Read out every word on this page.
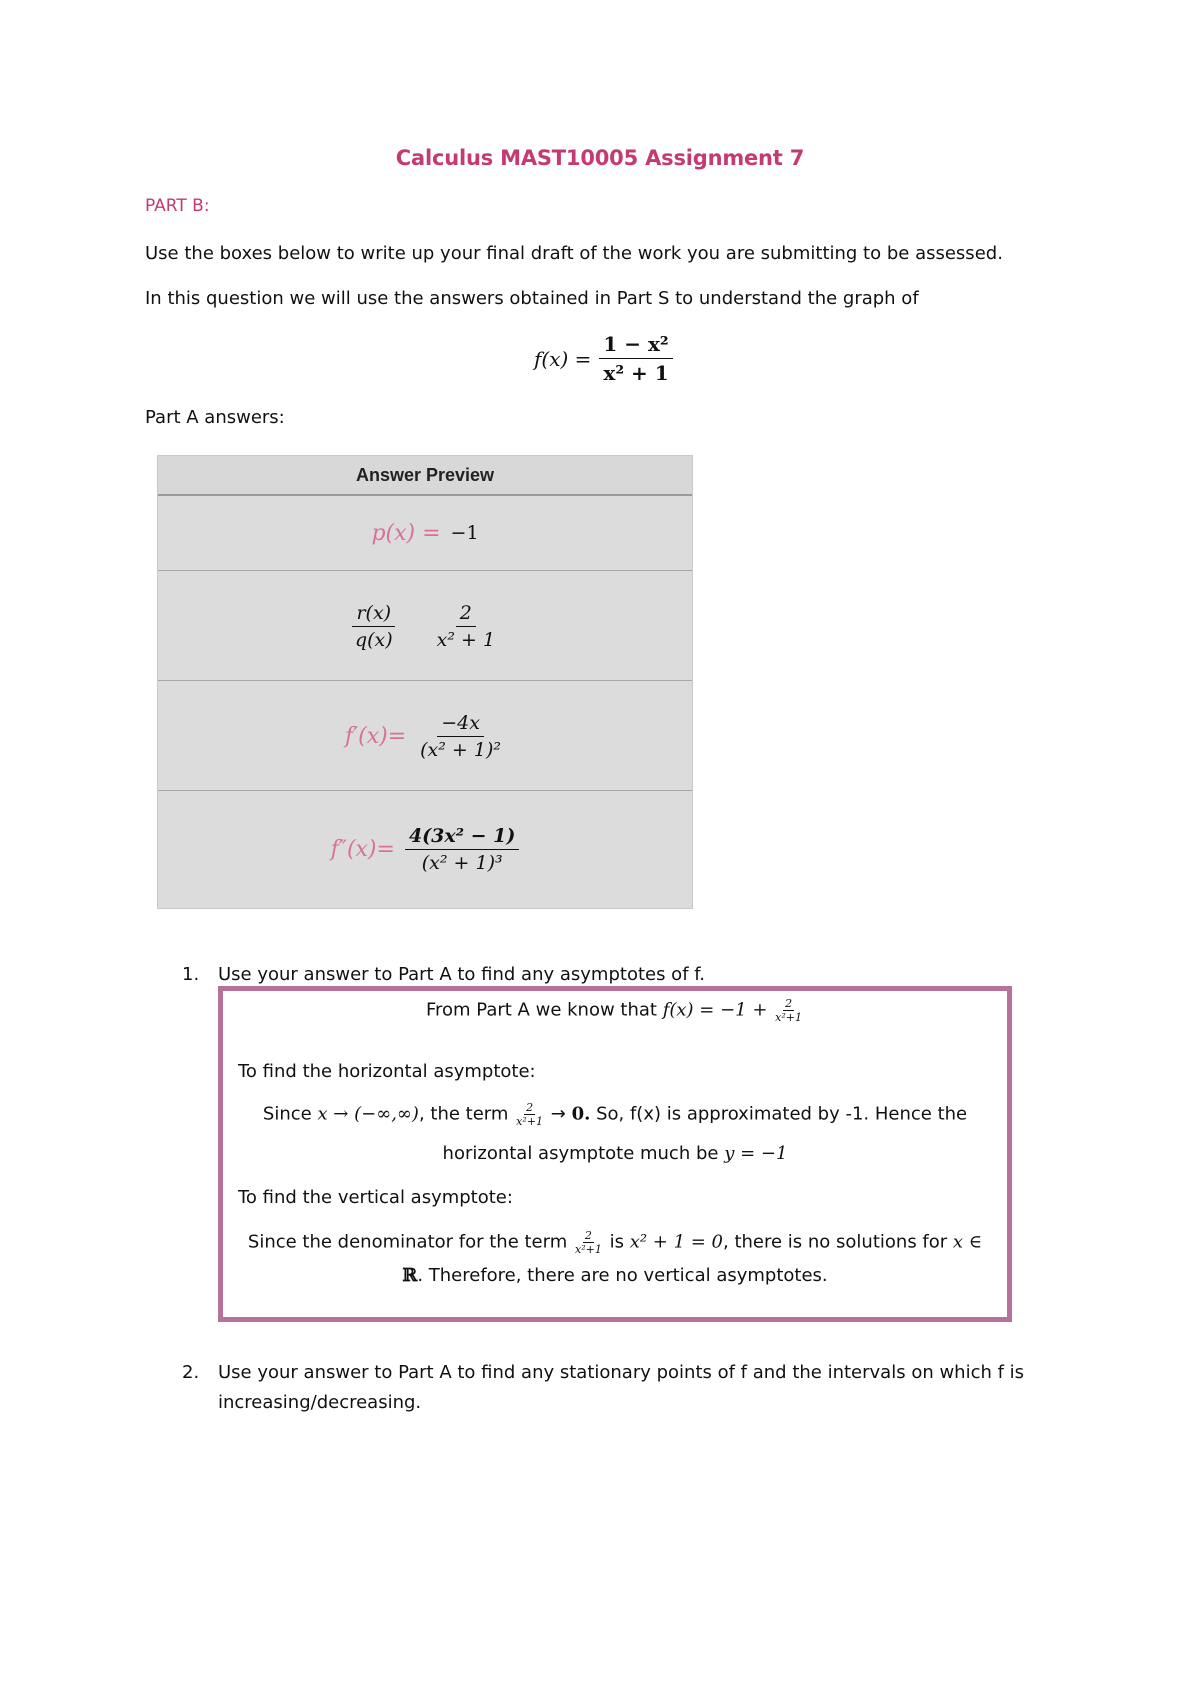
Calculus MAST10005 Assignment 7
PART B:
Use the boxes below to write up your final draft of the work you are submitting to be assessed.
In this question we will use the answers obtained in Part S to understand the graph of
$f(x) = \frac{\text{1 − x²}}{\text{x² + 1}}$
Part A answers:
Answer Preview
p(x) = −1
$\frac{r(x)}{q(x)} \frac{2}{\text{x² + 1}}$
$f'(x)= \frac{-4x}{\text{(x² + 1)²}}$
$f''(x)= \frac{\text{4(3x² − 1)}}{\text{(x² + 1)³}}$
1. Use your answer to Part A to find any asymptotes of f.
From Part A we know that $f(x) = -1 + \frac{2}{\text{x²+1}}$
To find the horizontal asymptote:
Since x → (−∞,∞), the term $\frac{2}{\text{x²+1}} \to 0$. So, f(x) is approximated by -1. Hence the
horizontal asymptote much be y = −1
To find the vertical asymptote:
Since the denominator for the term $\frac{2}{\text{x²+1}}$ is x² + 1 = 0, there is no solutions for x ∈
ℝ. Therefore, there are no vertical asymptotes.
2. Use your answer to Part A to find any stationary points of f and the intervals on which f is
increasing/decreasing.
